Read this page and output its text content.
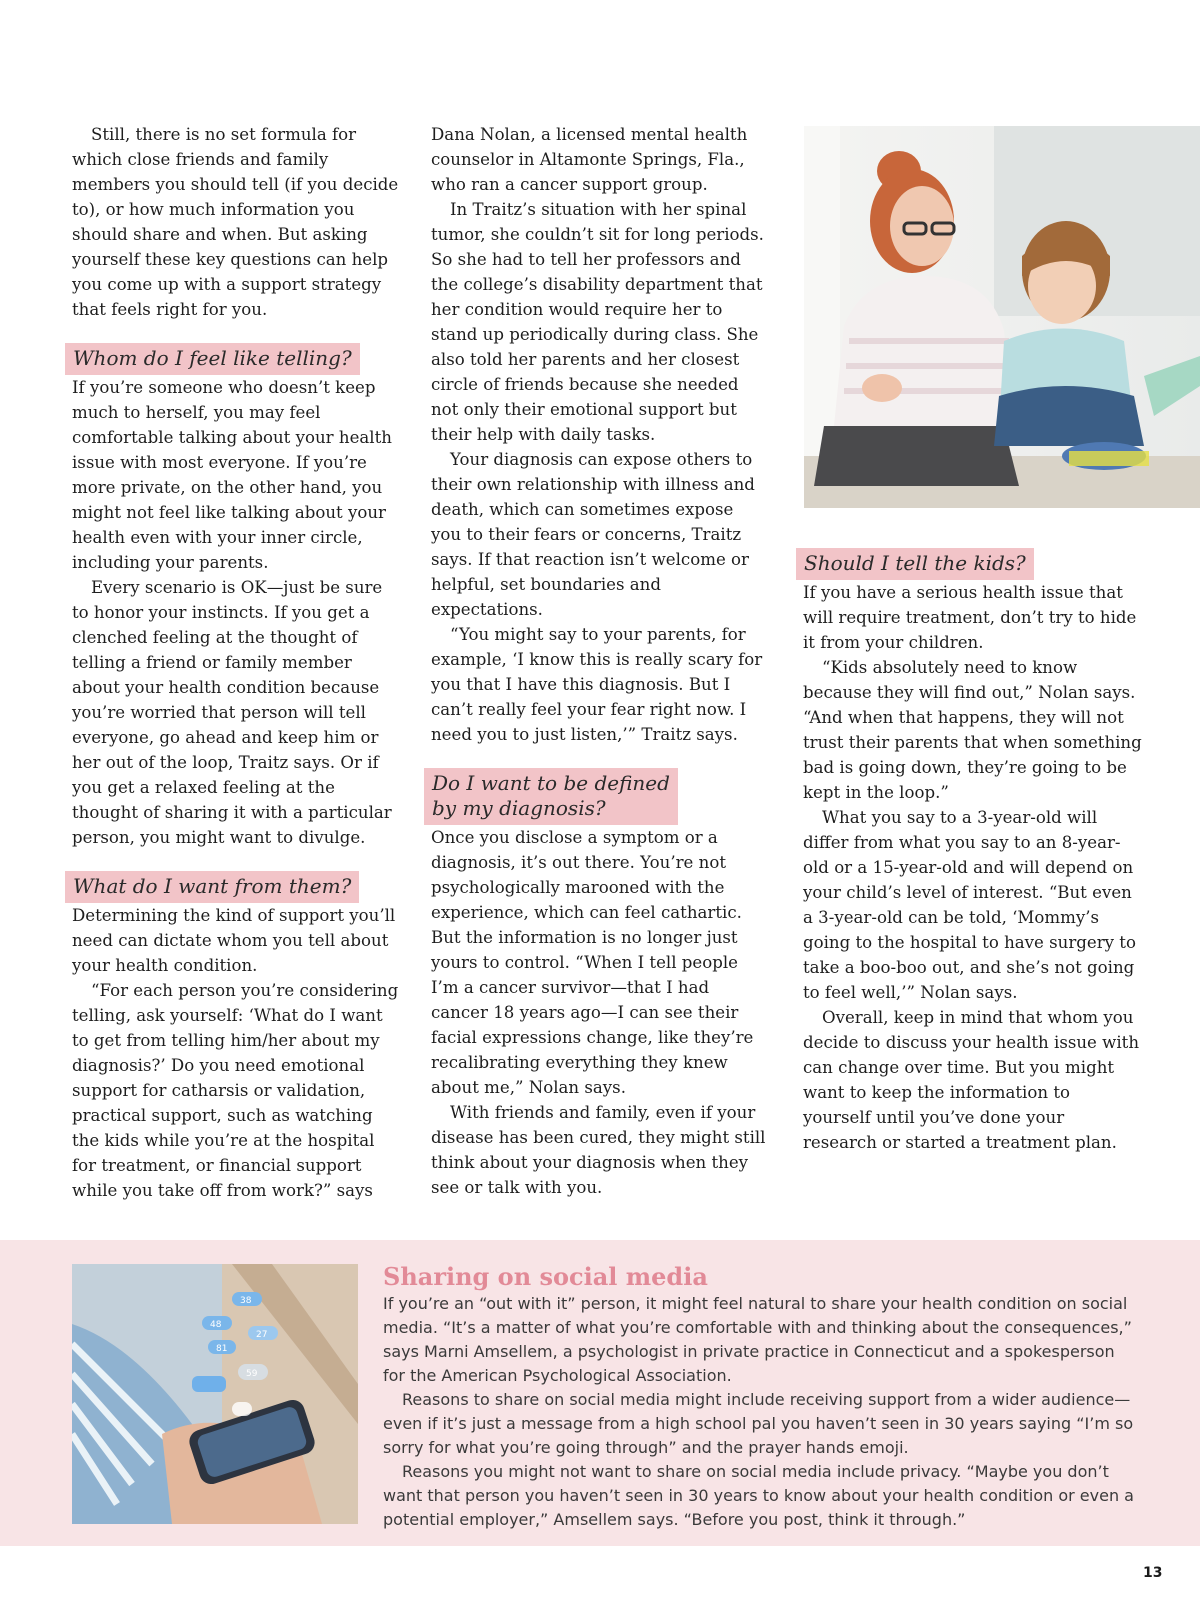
Still, there is no set formula for which close friends and family members you should tell (if you decide to), or how much information you should share and when. But asking yourself these key questions can help you come up with a support strategy that feels right for you.

Whom do I feel like telling?

If you’re someone who doesn’t keep much to herself, you may feel comfortable talking about your health issue with most everyone. If you’re more private, on the other hand, you might not feel like talking about your health even with your inner circle, including your parents.

Every scenario is OK—just be sure to honor your instincts. If you get a clenched feeling at the thought of telling a friend or family member about your health condition because you’re worried that person will tell everyone, go ahead and keep him or her out of the loop, Traitz says. Or if you get a relaxed feeling at the thought of sharing it with a particular person, you might want to divulge.

What do I want from them?

Determining the kind of support you’ll need can dictate whom you tell about your health condition.

“For each person you’re considering telling, ask yourself: ‘What do I want to get from telling him/her about my diagnosis?’ Do you need emotional support for catharsis or validation, practical support, such as watching the kids while you’re at the hospital for treatment, or financial support while you take off from work?” says

Dana Nolan, a licensed mental health counselor in Altamonte Springs, Fla., who ran a cancer support group.

In Traitz’s situation with her spinal tumor, she couldn’t sit for long periods. So she had to tell her professors and the college’s disability department that her condition would require her to stand up periodically during class. She also told her parents and her closest circle of friends because she needed not only their emotional support but their help with daily tasks.

Your diagnosis can expose others to their own relationship with illness and death, which can sometimes expose you to their fears or concerns, Traitz says. If that reaction isn’t welcome or helpful, set boundaries and expectations.

“You might say to your parents, for example, ‘I know this is really scary for you that I have this diagnosis. But I can’t really feel your fear right now. I need you to just listen,’” Traitz says.

Do I want to be defined
by my diagnosis?

Once you disclose a symptom or a diagnosis, it’s out there. You’re not psychologically marooned with the experience, which can feel cathartic. But the information is no longer just yours to control. “When I tell people I’m a cancer survivor—that I had cancer 18 years ago—I can see their facial expressions change, like they’re recalibrating everything they knew about me,” Nolan says.

With friends and family, even if your disease has been cured, they might still think about your diagnosis when they see or talk with you.

Should I tell the kids?

If you have a serious health issue that will require treatment, don’t try to hide it from your children.

“Kids absolutely need to know because they will find out,” Nolan says. “And when that happens, they will not trust their parents that when something bad is going down, they’re going to be kept in the loop.”

What you say to a 3-year-old will differ from what you say to an 8-year-old or a 15-year-old and will depend on your child’s level of interest. “But even a 3-year-old can be told, ‘Mommy’s going to the hospital to have surgery to take a boo-boo out, and she’s not going to feel well,’” Nolan says.

Overall, keep in mind that whom you decide to discuss your health issue with can change over time. But you might want to keep the information to yourself until you’ve done your research or started a treatment plan.

38
48
27
81
59
Sharing on social media

If you’re an “out with it” person, it might feel natural to share your health condition on social media. “It’s a matter of what you’re comfortable with and thinking about the consequences,” says Marni Amsellem, a psychologist in private practice in Connecticut and a spokesperson for the American Psychological Association.

Reasons to share on social media might include receiving support from a wider audience—even if it’s just a message from a high school pal you haven’t seen in 30 years saying “I’m so sorry for what you’re going through” and the prayer hands emoji.

Reasons you might not want to share on social media include privacy. “Maybe you don’t want that person you haven’t seen in 30 years to know about your health condition or even a potential employer,” Amsellem says. “Before you post, think it through.”

13
